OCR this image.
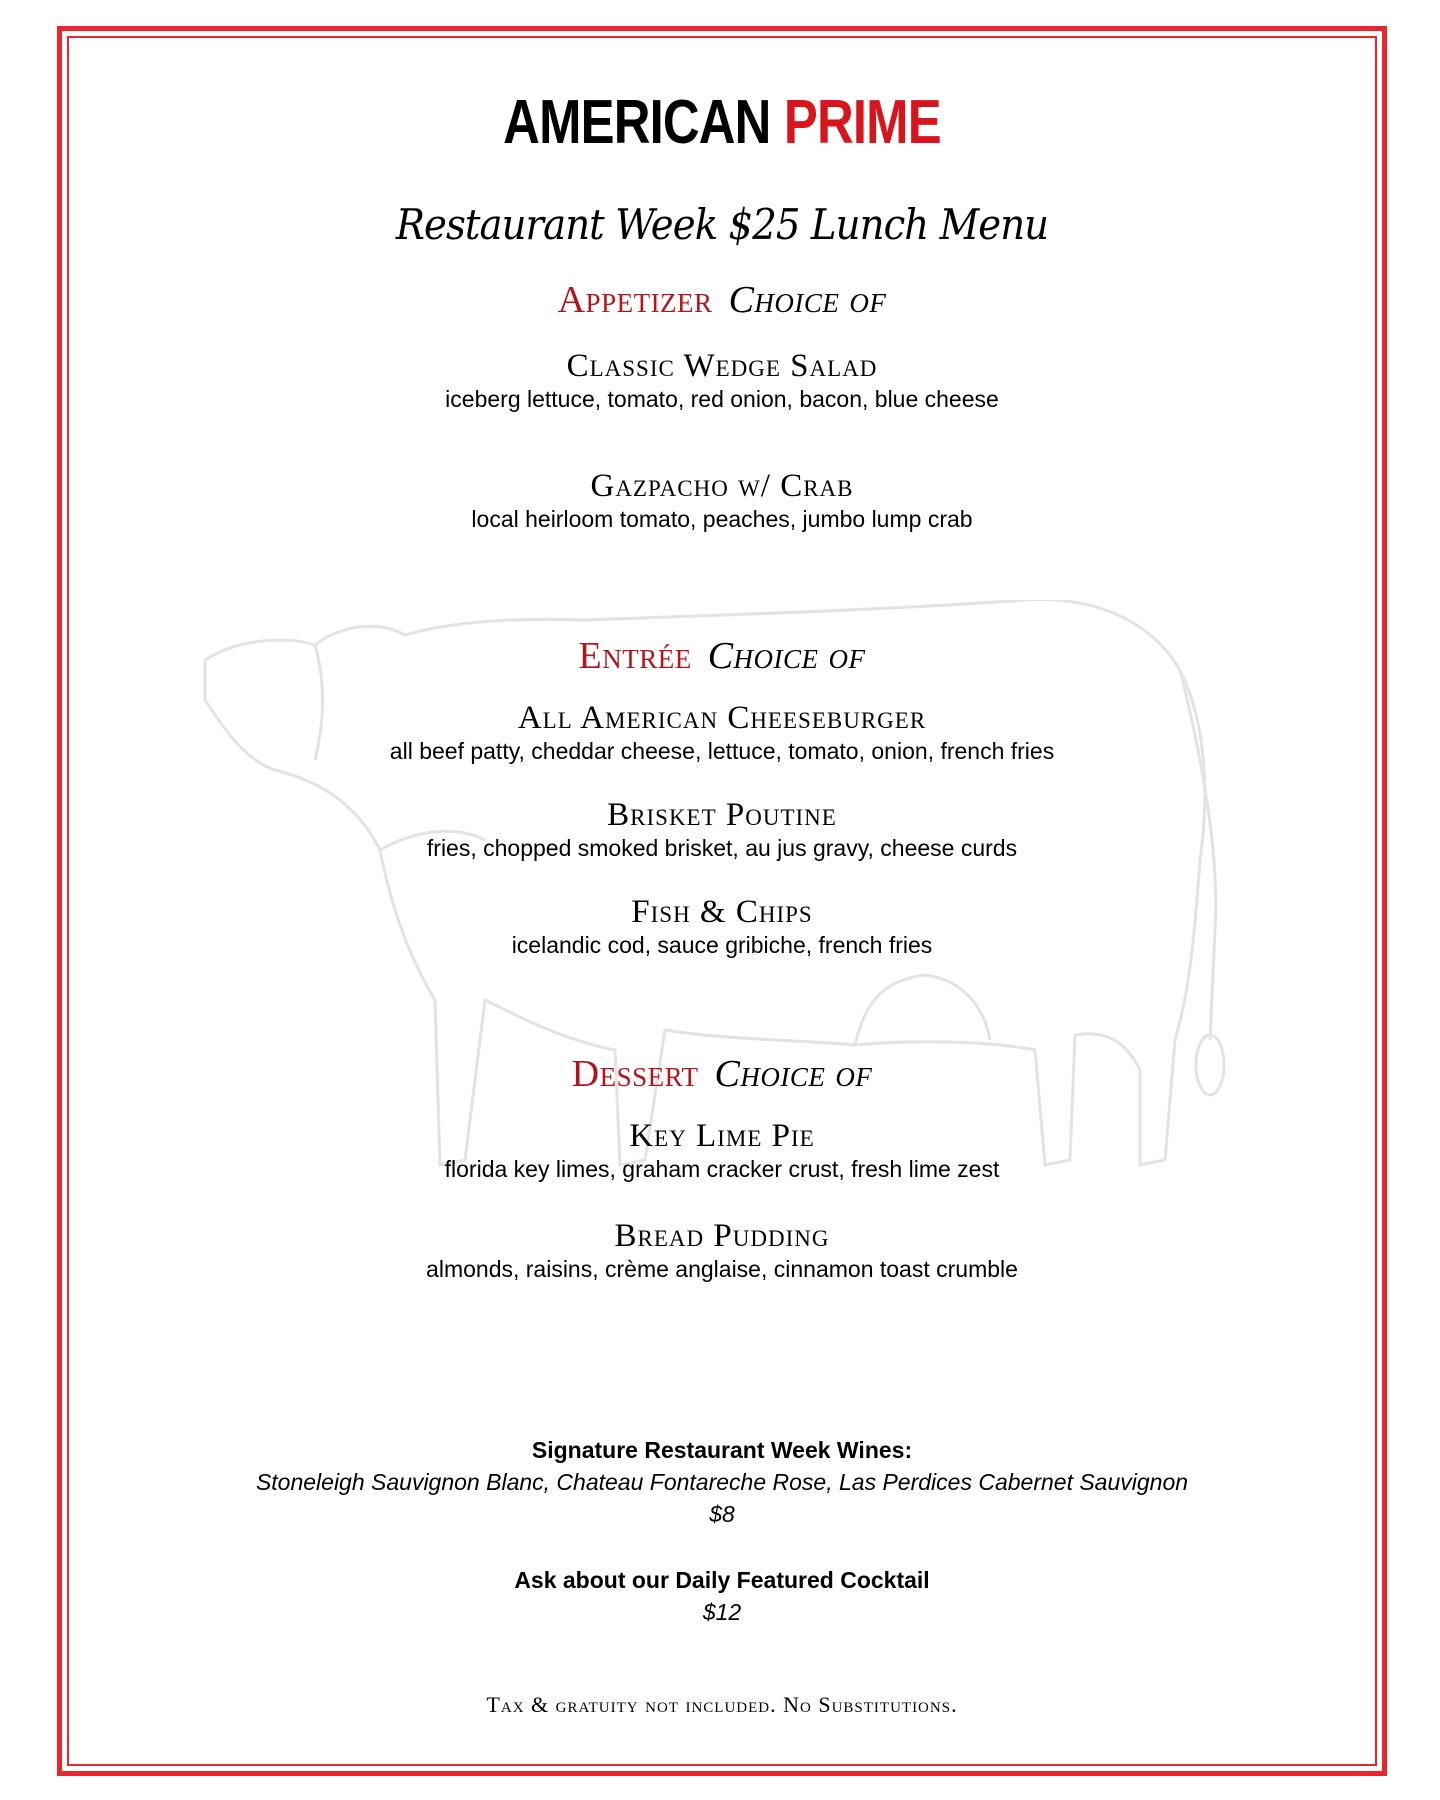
AMERICAN PRIME
Restaurant Week $25 Lunch Menu
Appetizer Choice of
Classic Wedge Salad
iceberg lettuce, tomato, red onion, bacon, blue cheese
Gazpacho w/ Crab
local heirloom tomato, peaches, jumbo lump crab
Entrée Choice of
All American Cheeseburger
all beef patty, cheddar cheese, lettuce, tomato, onion, french fries
Brisket Poutine
fries, chopped smoked brisket, au jus gravy, cheese curds
Fish & Chips
icelandic cod, sauce gribiche, french fries
Dessert Choice of
Key Lime Pie
florida key limes, graham cracker crust, fresh lime zest
Bread Pudding
almonds, raisins, crème anglaise, cinnamon toast crumble
Signature Restaurant Week Wines:
Stoneleigh Sauvignon Blanc, Chateau Fontareche Rose, Las Perdices Cabernet Sauvignon
$8
Ask about our Daily Featured Cocktail
$12
Tax & gratuity not included. No Substitutions.
